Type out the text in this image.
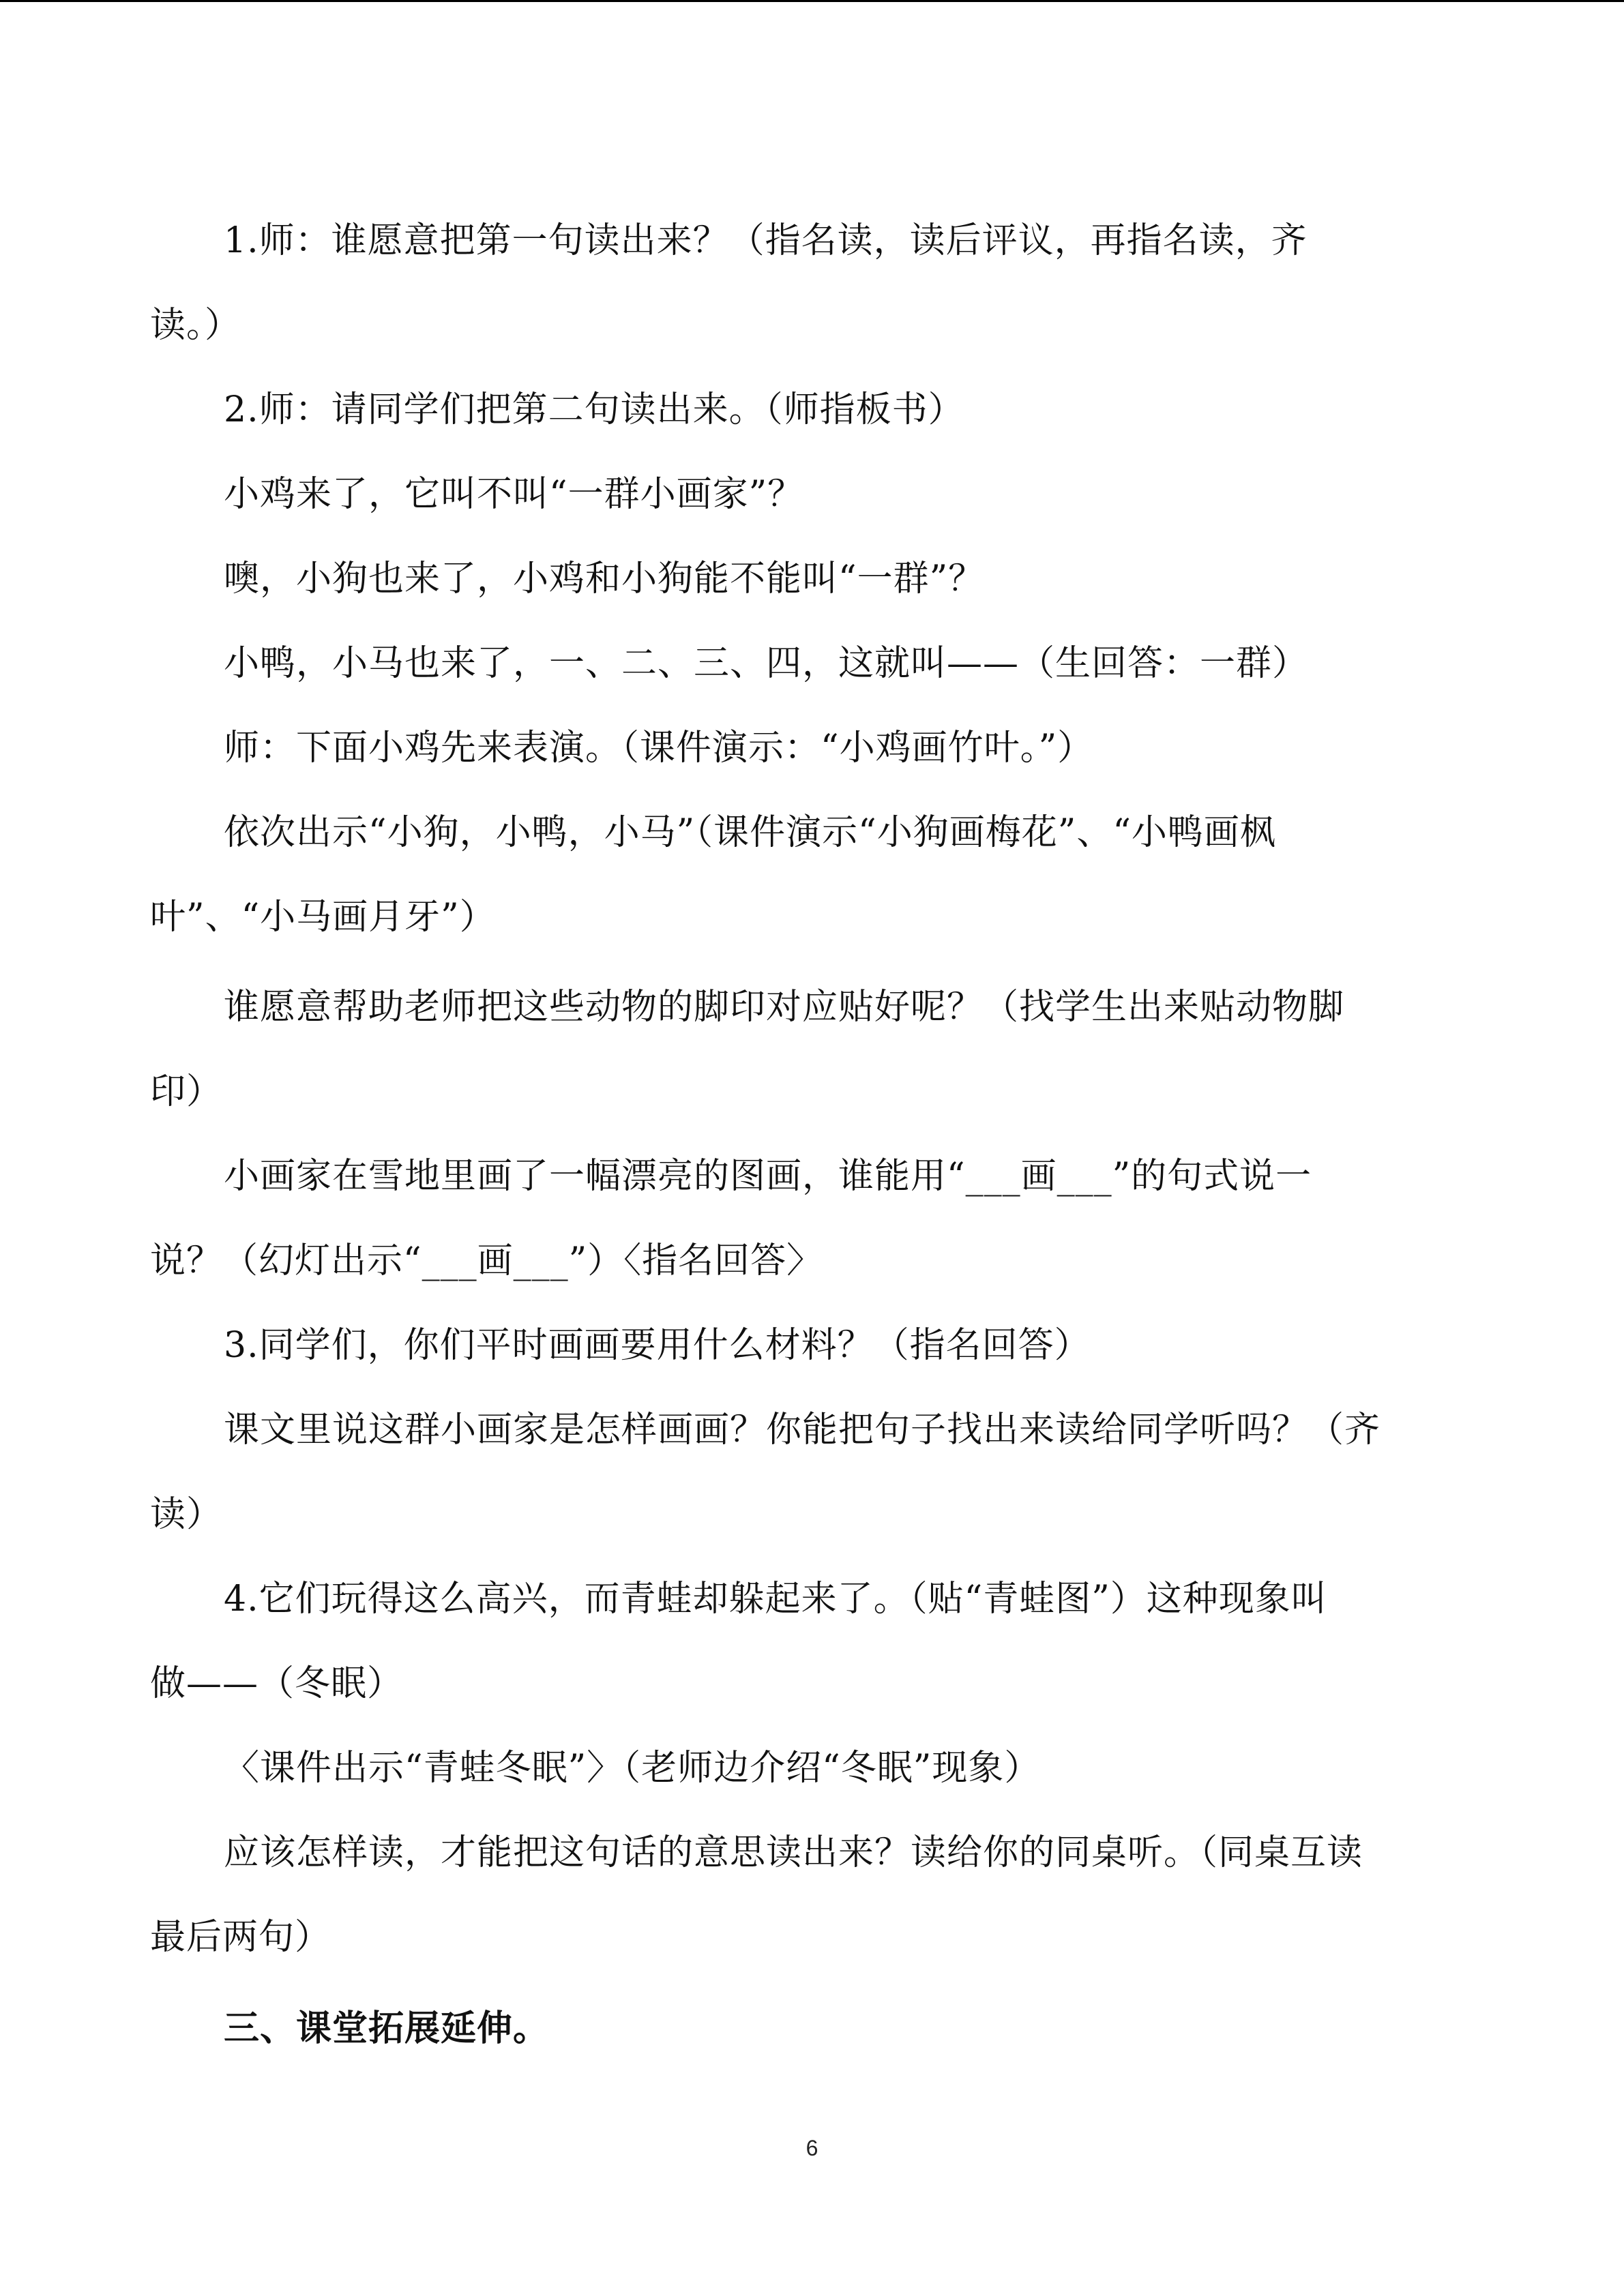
1.师：谁愿意把第一句读出来？（指名读，读后评议，再指名读，齐
读。）
2.师：请同学们把第二句读出来。（师指板书）
小鸡来了，它叫不叫“一群小画家”？
噢，小狗也来了，小鸡和小狗能不能叫“一群”？
小鸭，小马也来了，一、二、三、四，这就叫——（生回答：一群）
师：下面小鸡先来表演。（课件演示：“小鸡画竹叶。”）
依次出示“小狗，小鸭，小马”（课件演示“小狗画梅花”、“小鸭画枫
叶”、“小马画月牙”）
谁愿意帮助老师把这些动物的脚印对应贴好呢？（找学生出来贴动物脚
印）
小画家在雪地里画了一幅漂亮的图画，谁能用“___画___”的句式说一
说？（幻灯出示“___画___”）〈指名回答〉
3.同学们，你们平时画画要用什么材料？（指名回答）
课文里说这群小画家是怎样画画？你能把句子找出来读给同学听吗？（齐
读）
4.它们玩得这么高兴，而青蛙却躲起来了。（贴“青蛙图”）这种现象叫
做——（冬眠）
〈课件出示“青蛙冬眠”〉（老师边介绍“冬眠”现象）
应该怎样读，才能把这句话的意思读出来？读给你的同桌听。（同桌互读
最后两句）
三、课堂拓展延伸。
6
